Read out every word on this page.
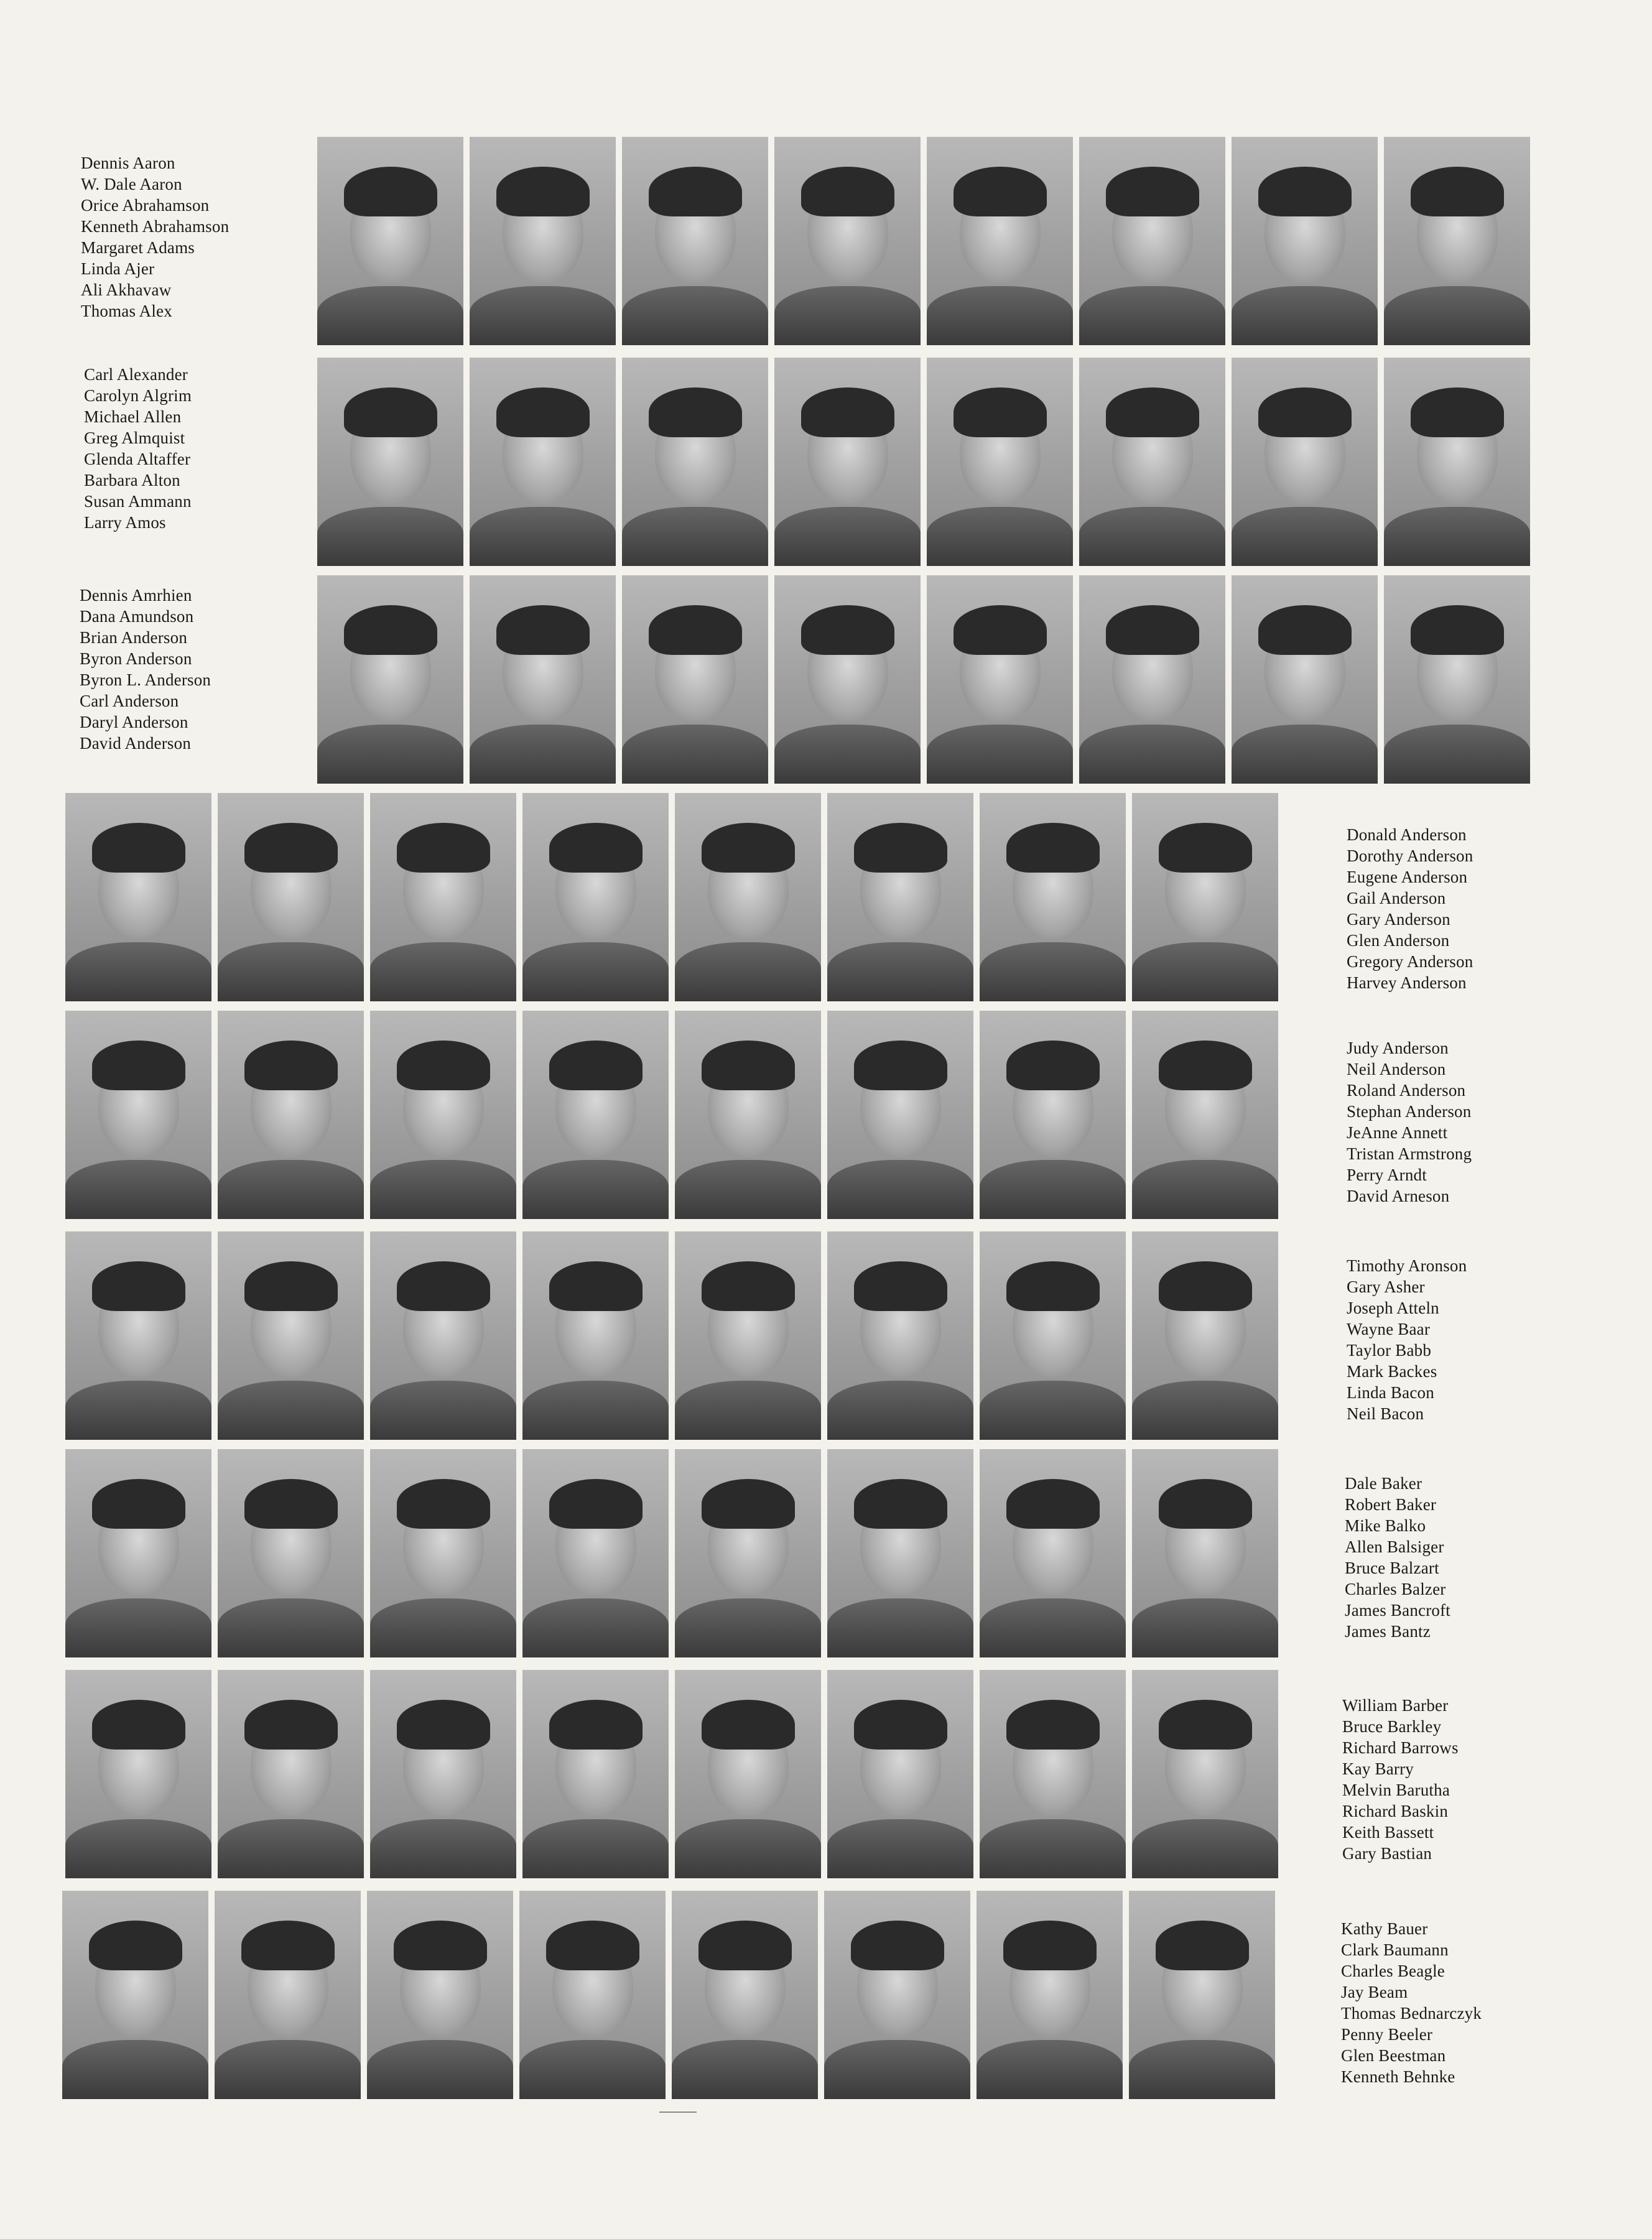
Dennis Aaron
W. Dale Aaron
Orice Abrahamson
Kenneth Abrahamson
Margaret Adams
Linda Ajer
Ali Akhavaw
Thomas Alex
Carl Alexander
Carolyn Algrim
Michael Allen
Greg Almquist
Glenda Altaffer
Barbara Alton
Susan Ammann
Larry Amos
Dennis Amrhien
Dana Amundson
Brian Anderson
Byron Anderson
Byron L. Anderson
Carl Anderson
Daryl Anderson
David Anderson
Donald Anderson
Dorothy Anderson
Eugene Anderson
Gail Anderson
Gary Anderson
Glen Anderson
Gregory Anderson
Harvey Anderson
Judy Anderson
Neil Anderson
Roland Anderson
Stephan Anderson
JeAnne Annett
Tristan Armstrong
Perry Arndt
David Arneson
Timothy Aronson
Gary Asher
Joseph Atteln
Wayne Baar
Taylor Babb
Mark Backes
Linda Bacon
Neil Bacon
Dale Baker
Robert Baker
Mike Balko
Allen Balsiger
Bruce Balzart
Charles Balzer
James Bancroft
James Bantz
William Barber
Bruce Barkley
Richard Barrows
Kay Barry
Melvin Barutha
Richard Baskin
Keith Bassett
Gary Bastian
Kathy Bauer
Clark Baumann
Charles Beagle
Jay Beam
Thomas Bednarczyk
Penny Beeler
Glen Beestman
Kenneth Behnke
